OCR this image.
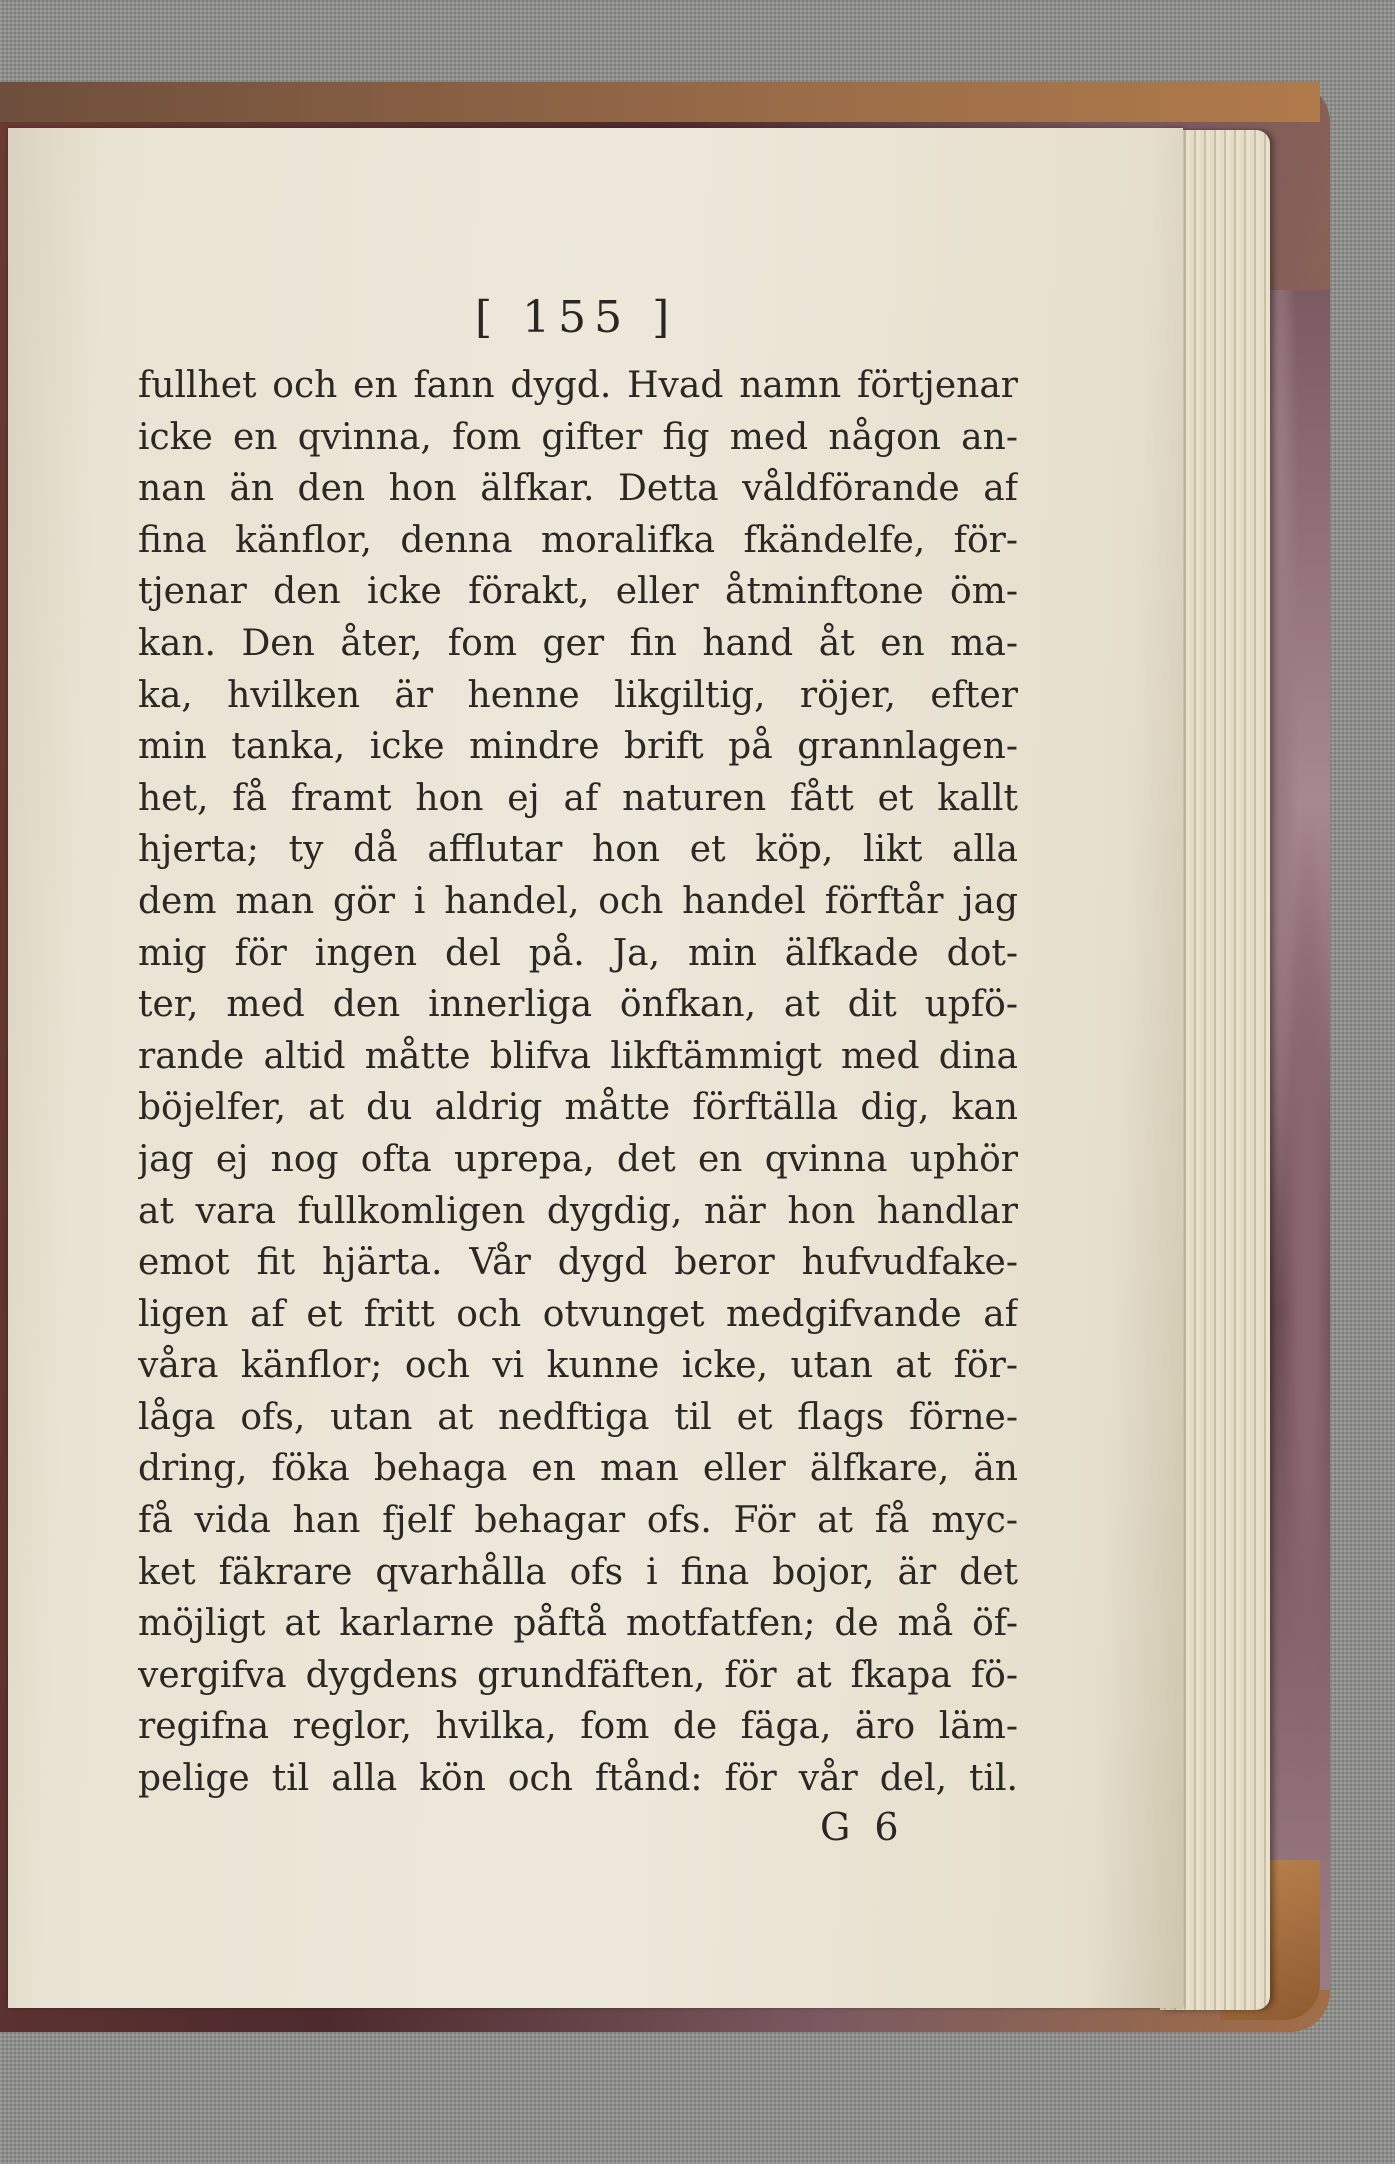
[ 155 ]
fullhet och en fann dygd. Hvad namn förtjenar
icke en qvinna, fom gifter fig med någon an-
nan än den hon älfkar. Detta våldförande af
fina känflor, denna moralifka fkändelfe, för-
tjenar den icke förakt, eller åtminftone öm-
kan. Den åter, fom ger fin hand åt en ma-
ka, hvilken är henne likgiltig, röjer, efter
min tanka, icke mindre brift på grannlagen-
het, få framt hon ej af naturen fått et kallt
hjerta; ty då afflutar hon et köp, likt alla
dem man gör i handel, och handel förftår jag
mig för ingen del på. Ja, min älfkade dot-
ter, med den innerliga önfkan, at dit upfö-
rande altid måtte blifva likftämmigt med dina
böjelfer, at du aldrig måtte förftälla dig, kan
jag ej nog ofta uprepa, det en qvinna uphör
at vara fullkomligen dygdig, när hon handlar
emot fit hjärta. Vår dygd beror hufvudfake-
ligen af et fritt och otvunget medgifvande af
våra känflor; och vi kunne icke, utan at för-
låga ofs, utan at nedftiga til et flags förne-
dring, föka behaga en man eller älfkare, än
få vida han fjelf behagar ofs. För at få myc-
ket fäkrare qvarhålla ofs i fina bojor, är det
möjligt at karlarne påftå motfatfen; de må öf-
vergifva dygdens grundfäften, för at fkapa fö-
regifna reglor, hvilka, fom de fäga, äro läm-
pelige til alla kön och ftånd: för vår del, til.
G 6
